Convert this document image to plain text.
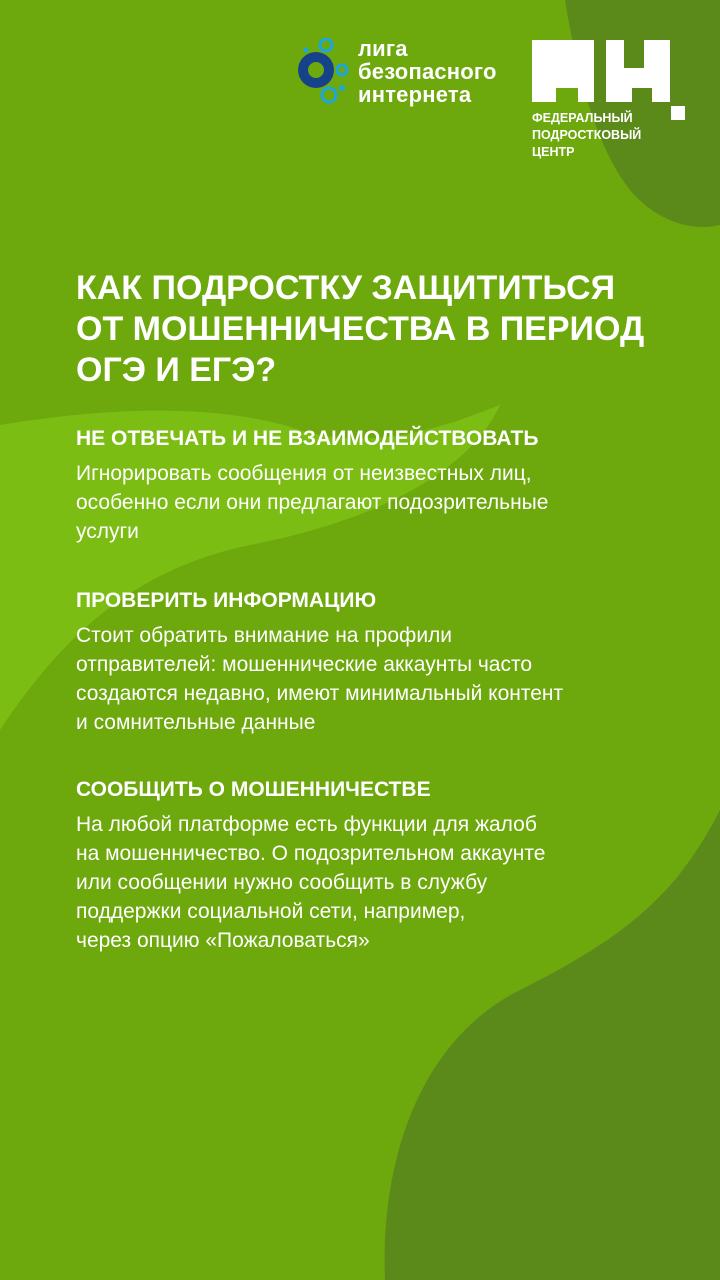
лига
безопасного
интернета
ФЕДЕРАЛЬНЫЙ
ПОДРОСТКОВЫЙ
ЦЕНТР
КАК ПОДРОСТКУ ЗАЩИТИТЬСЯ
ОТ МОШЕННИЧЕСТВА В ПЕРИОД
ОГЭ И ЕГЭ?
НЕ ОТВЕЧАТЬ И НЕ ВЗАИМОДЕЙСТВОВАТЬ
Игнорировать сообщения от неизвестных лиц,
особенно если они предлагают подозрительные
услуги
ПРОВЕРИТЬ ИНФОРМАЦИЮ
Стоит обратить внимание на профили
отправителей: мошеннические аккаунты часто
создаются недавно, имеют минимальный контент
и сомнительные данные
СООБЩИТЬ О МОШЕННИЧЕСТВЕ
На любой платформе есть функции для жалоб
на мошенничество. О подозрительном аккаунте
или сообщении нужно сообщить в службу
поддержки социальной сети, например,
через опцию «Пожаловаться»
